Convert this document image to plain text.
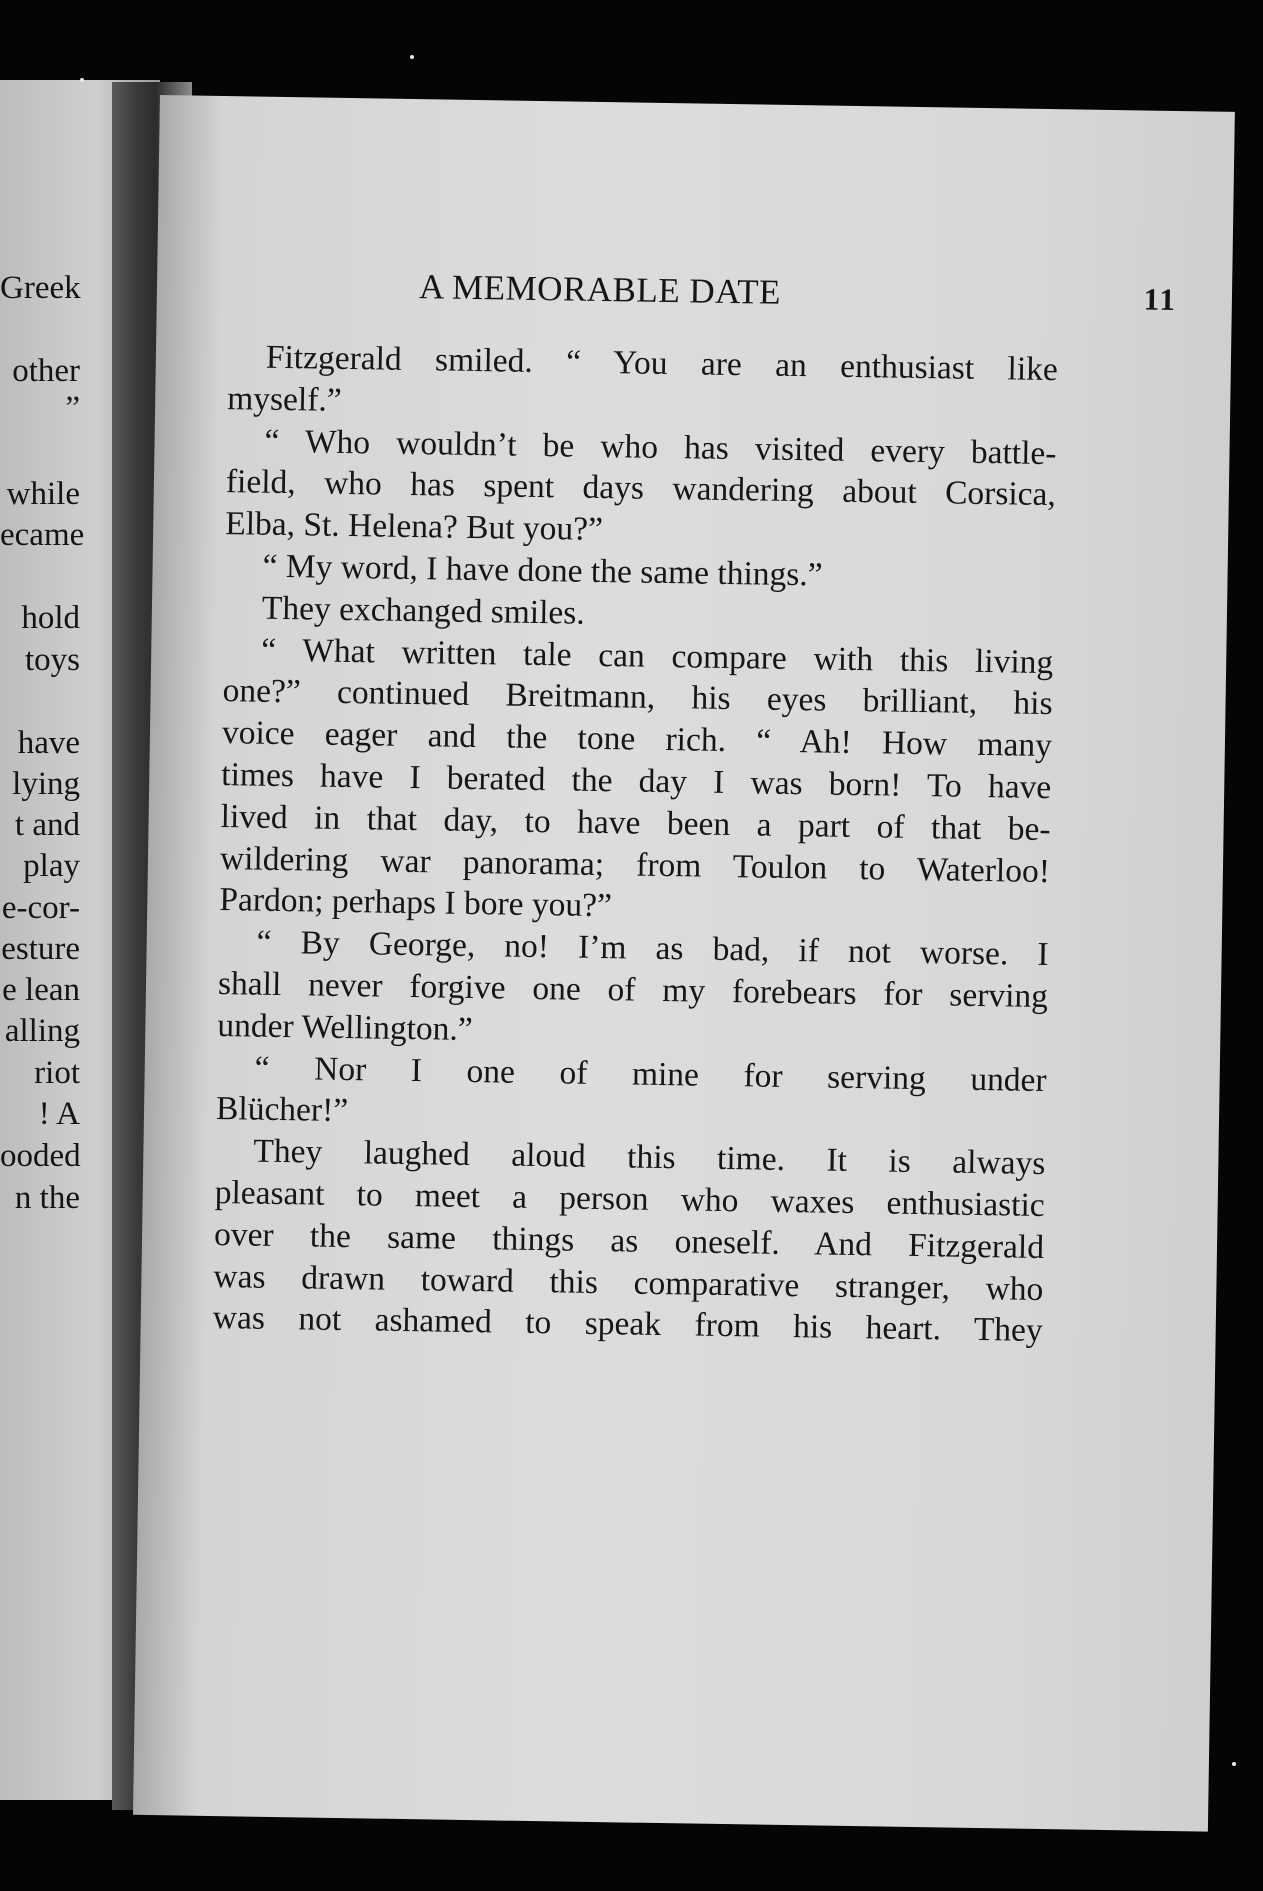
Greek
other
”
while
ecame
hold
toys
have
lying
t and
play
e-cor-
esture
e lean
alling
riot
! A
ooded
n the
A MEMORABLE DATE	11
Fitzgerald smiled. “ You are an enthusiast like
myself.”
“ Who wouldn’t be who has visited every battle-
field, who has spent days wandering about Corsica,
Elba, St. Helena? But you?”
“ My word, I have done the same things.”
They exchanged smiles.
“ What written tale can compare with this living
one?” continued Breitmann, his eyes brilliant, his
voice eager and the tone rich. “ Ah! How many
times have I berated the day I was born! To have
lived in that day, to have been a part of that be-
wildering war panorama; from Toulon to Waterloo!
Pardon; perhaps I bore you?”
“ By George, no! I’m as bad, if not worse. I
shall never forgive one of my forebears for serving
under Wellington.”
“ Nor I one of mine for serving under
Blücher!”
They laughed aloud this time. It is always
pleasant to meet a person who waxes enthusiastic
over the same things as oneself. And Fitzgerald
was drawn toward this comparative stranger, who
was not ashamed to speak from his heart. They
